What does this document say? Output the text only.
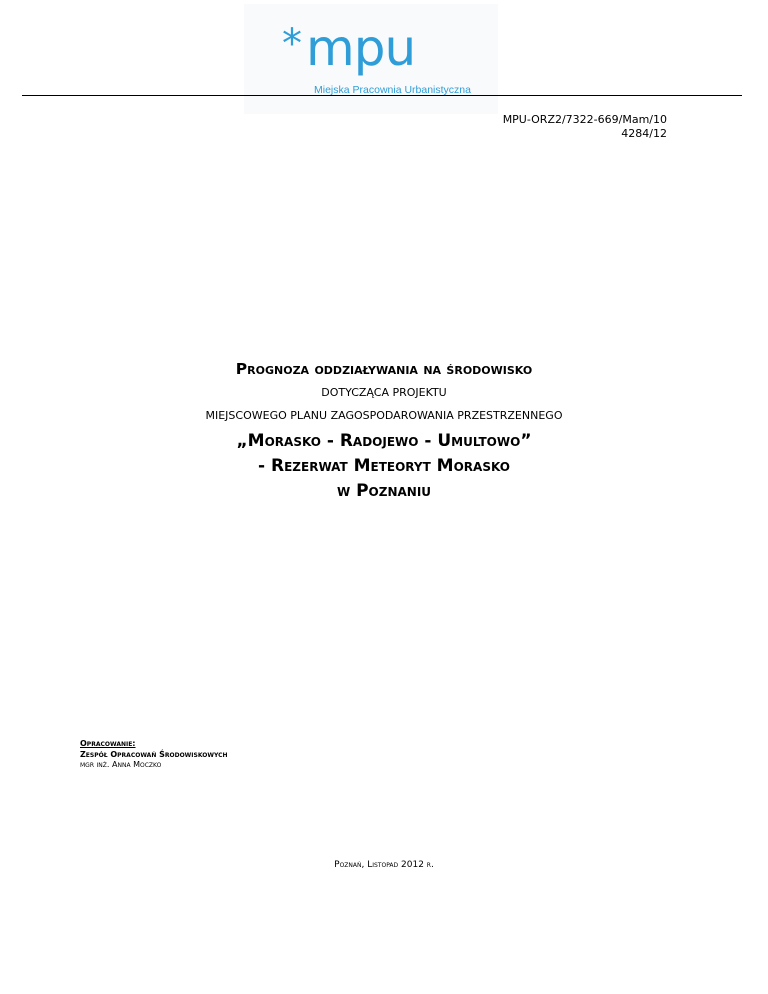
* mpu
Miejska Pracownia Urbanistyczna
MPU-ORZ2/7322-669/Mam/10
4284/12

Prognoza oddziaływania na środowisko

DOTYCZĄCA PROJEKTU

MIEJSCOWEGO PLANU ZAGOSPODAROWANIA PRZESTRZENNEGO

„Morasko - Radojewo - Umultowo”

- Rezerwat Meteoryt Morasko

w Poznaniu

Opracowanie:
Zespół Opracowań Środowiskowych
mgr inż. Anna Moczko
Poznań, Listopad 2012 r.
